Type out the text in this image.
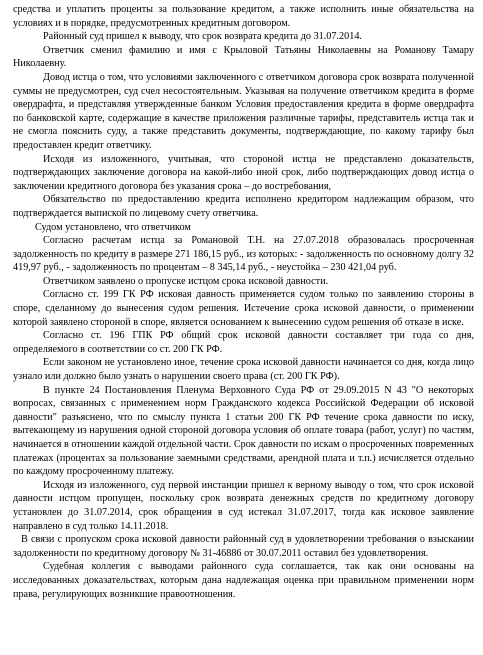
средства и уплатить проценты за пользование кредитом, а также исполнить иные обязательства на условиях и в порядке, предусмотренных кредитным договором.

Районный суд пришел к выводу, что срок возврата кредита до 31.07.2014.

Ответчик сменил фамилию и имя с Крыловой Татьяны Николаевны на Романову Тамару Николаевну.

Довод истца о том, что условиями заключенного с ответчиком договора срок возврата полученной суммы не предусмотрен, суд счел несостоятельным. Указывая на получение ответчиком кредита в форме овердрафта, и представляя утвержденные банком Условия предоставления кредита в форме овердрафта по банковской карте, содержащие в качестве приложения различные тарифы, представитель истца так и не смогла пояснить суду, а также представить документы, подтверждающие, по какому тарифу был предоставлен кредит ответчику.

Исходя из изложенного, учитывая, что стороной истца не представлено доказательств, подтверждающих заключение договора на какой-либо иной срок, либо подтверждающих довод истца о заключении кредитного договора без указания срока – до востребования,

Обязательство по предоставлению кредита исполнено кредитором надлежащим образом, что подтверждается выпиской по лицевому счету ответчика.

Судом установлено, что ответчиком

Согласно расчетам истца за Романовой Т.Н. на 27.07.2018 образовалась просроченная задолженность по кредиту в размере 271 186,15 руб., из которых: - задолженность по основному долгу 32 419,97 руб., - задолженность по процентам – 8 345,14 руб., - неустойка – 230 421,04 руб.

Ответчиком заявлено о пропуске истцом срока исковой давности.

Согласно ст. 199 ГК РФ исковая давность применяется судом только по заявлению стороны в споре, сделанному до вынесения судом решения. Истечение срока исковой давности, о применении которой заявлено стороной в споре, является основанием к вынесению судом решения об отказе в иске.

Согласно ст. 196 ГПК РФ общий срок исковой давности составляет три года со дня, определяемого в соответствии со ст. 200 ГК РФ.

Если законом не установлено иное, течение срока исковой давности начинается со дня, когда лицо узнало или должно было узнать о нарушении своего права (ст. 200 ГК РФ).

В пункте 24 Постановления Пленума Верховного Суда РФ от 29.09.2015 N 43 "О некоторых вопросах, связанных с применением норм Гражданского кодекса Российской Федерации об исковой давности" разъяснено, что по смыслу пункта 1 статьи 200 ГК РФ течение срока давности по иску, вытекающему из нарушения одной стороной договора условия об оплате товара (работ, услуг) по частям, начинается в отношении каждой отдельной части. Срок давности по искам о просроченных повременных платежах (процентах за пользование заемными средствами, арендной плата и т.п.) исчисляется отдельно по каждому просроченному платежу.

Исходя из изложенного, суд первой инстанции пришел к верному выводу о том, что срок исковой давности истцом пропущен, поскольку срок возврата денежных средств по кредитному договору установлен до 31.07.2014, срок обращения в суд истекал 31.07.2017, тогда как исковое заявление направлено в суд только 14.11.2018.

В связи с пропуском срока исковой давности районный суд в удовлетворении требования о взыскании задолженности по кредитному договору № 31-46886 от 30.07.2011 оставил без удовлетворения.

Судебная коллегия с выводами районного суда соглашается, так как они основаны на исследованных доказательствах, которым дана надлежащая оценка при правильном применении норм права, регулирующих возникшие правоотношения.
